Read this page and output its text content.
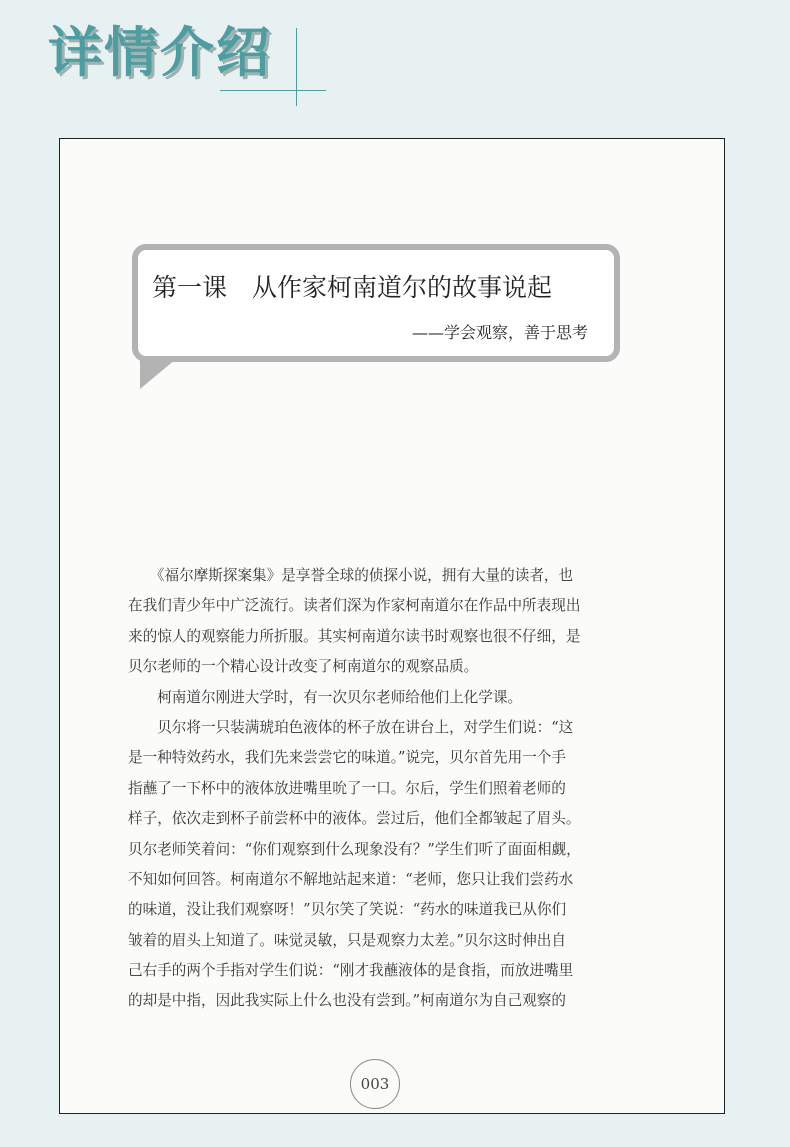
详情介绍
第一课　从作家柯南道尔的故事说起
——学会观察，善于思考
　　《福尔摩斯探案集》是享誉全球的侦探小说，拥有大量的读者，也
在我们青少年中广泛流行。读者们深为作家柯南道尔在作品中所表现出
来的惊人的观察能力所折服。其实柯南道尔读书时观察也很不仔细，是
贝尔老师的一个精心设计改变了柯南道尔的观察品质。
　　柯南道尔刚进大学时，有一次贝尔老师给他们上化学课。
　　贝尔将一只装满琥珀色液体的杯子放在讲台上，对学生们说：“这
是一种特效药水，我们先来尝尝它的味道。”说完，贝尔首先用一个手
指蘸了一下杯中的液体放进嘴里吮了一口。尔后，学生们照着老师的
样子，依次走到杯子前尝杯中的液体。尝过后，他们全都皱起了眉头。
贝尔老师笑着问：“你们观察到什么现象没有？”学生们听了面面相觑，
不知如何回答。柯南道尔不解地站起来道：“老师，您只让我们尝药水
的味道，没让我们观察呀！”贝尔笑了笑说：“药水的味道我已从你们
皱着的眉头上知道了。味觉灵敏，只是观察力太差。”贝尔这时伸出自
己右手的两个手指对学生们说：“刚才我蘸液体的是食指，而放进嘴里
的却是中指，因此我实际上什么也没有尝到。”柯南道尔为自己观察的
003
